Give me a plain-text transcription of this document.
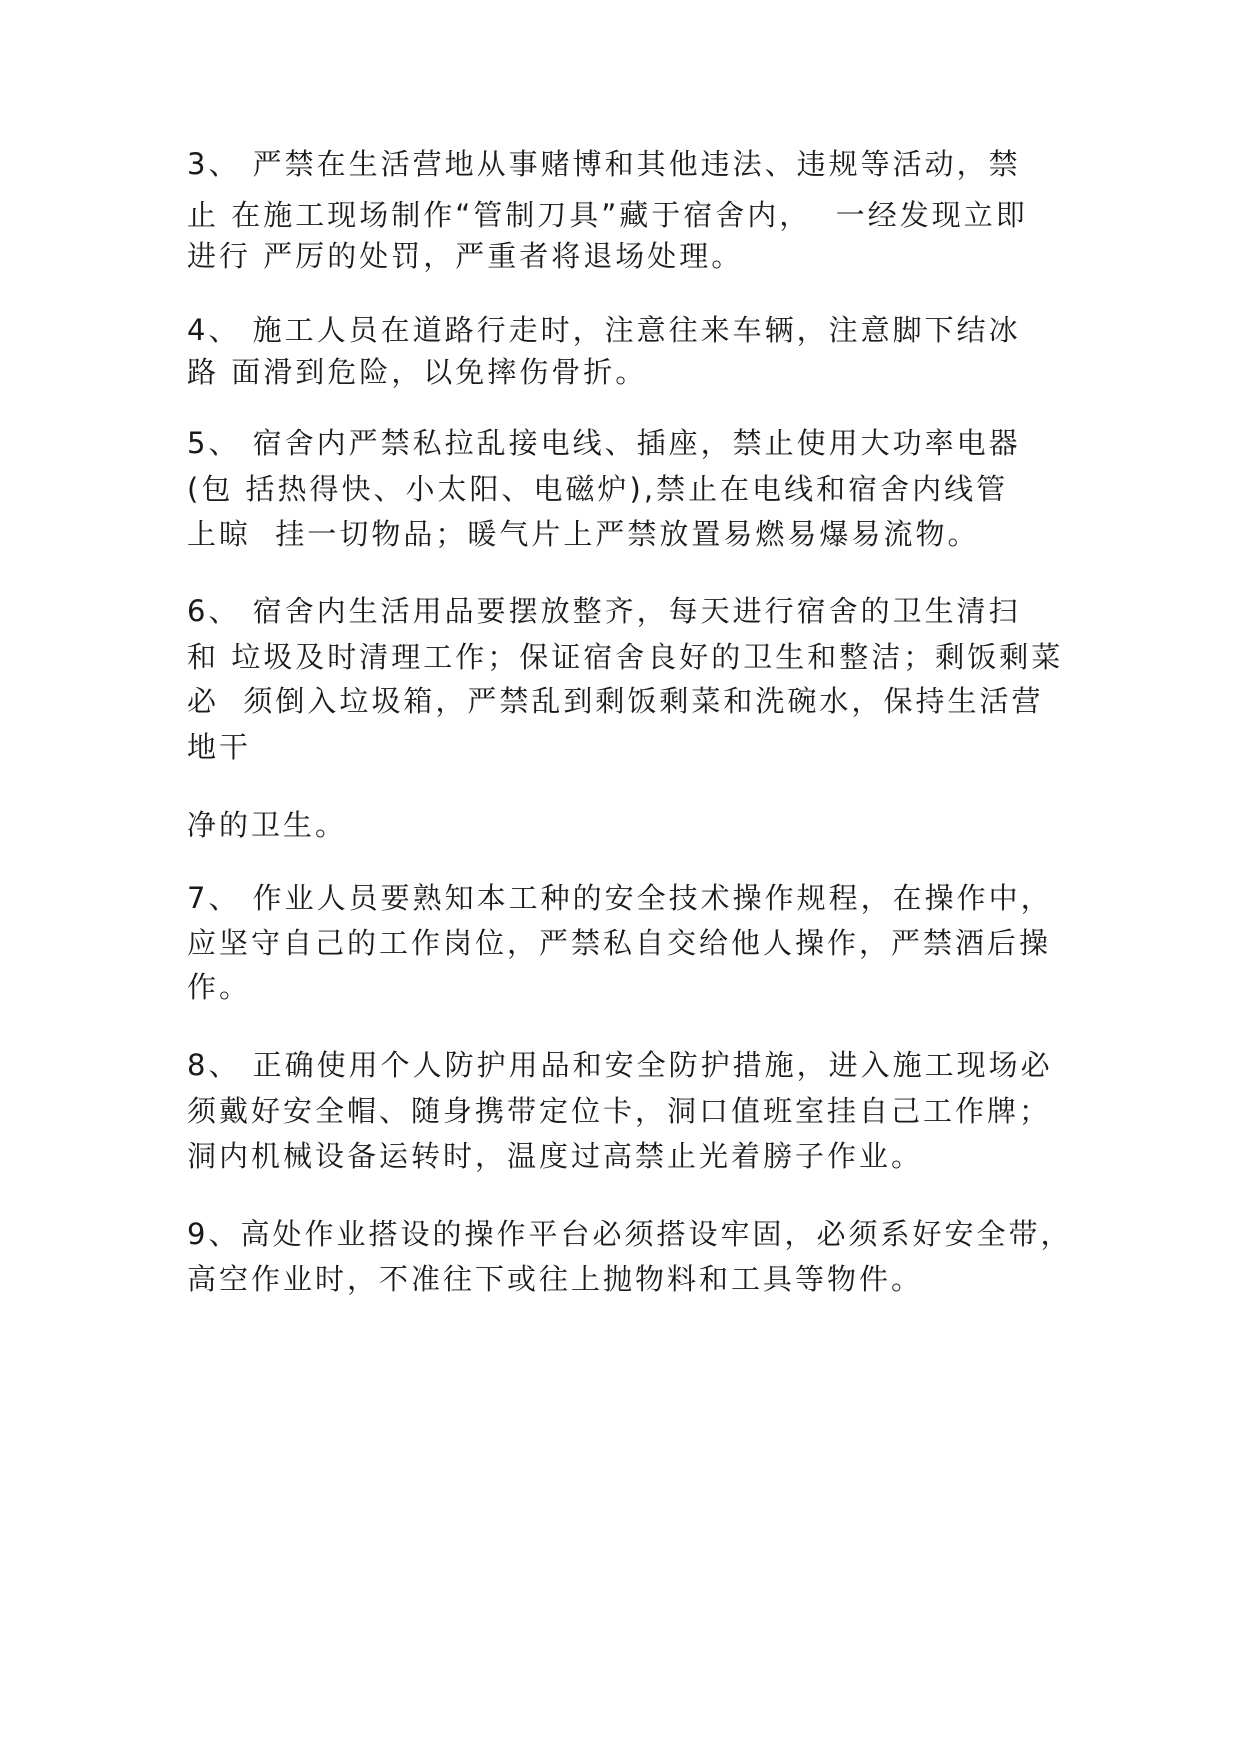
3、 严禁在生活营地从事赌博和其他违法、违规等活动，禁
止 在施工现场制作“管制刀具”藏于宿舍内，  一经发现立即
进行 严厉的处罚，严重者将退场处理。
4、 施工人员在道路行走时，注意往来车辆，注意脚下结冰
路 面滑到危险，以免摔伤骨折。
5、 宿舍内严禁私拉乱接电线、插座，禁止使用大功率电器
(包 括热得快、小太阳、电磁炉),禁止在电线和宿舍内线管
上晾  挂一切物品；暖气片上严禁放置易燃易爆易流物。
6、 宿舍内生活用品要摆放整齐，每天进行宿舍的卫生清扫
和 垃圾及时清理工作；保证宿舍良好的卫生和整洁；剩饭剩菜
必  须倒入垃圾箱，严禁乱到剩饭剩菜和洗碗水，保持生活营
地干
净的卫生。
7、 作业人员要熟知本工种的安全技术操作规程，在操作中，
应坚守自己的工作岗位，严禁私自交给他人操作，严禁酒后操
作。
8、 正确使用个人防护用品和安全防护措施，进入施工现场必
须戴好安全帽、随身携带定位卡，洞口值班室挂自己工作牌；
洞内机械设备运转时，温度过高禁止光着膀子作业。
9、高处作业搭设的操作平台必须搭设牢固，必须系好安全带，
高空作业时，不准往下或往上抛物料和工具等物件。
